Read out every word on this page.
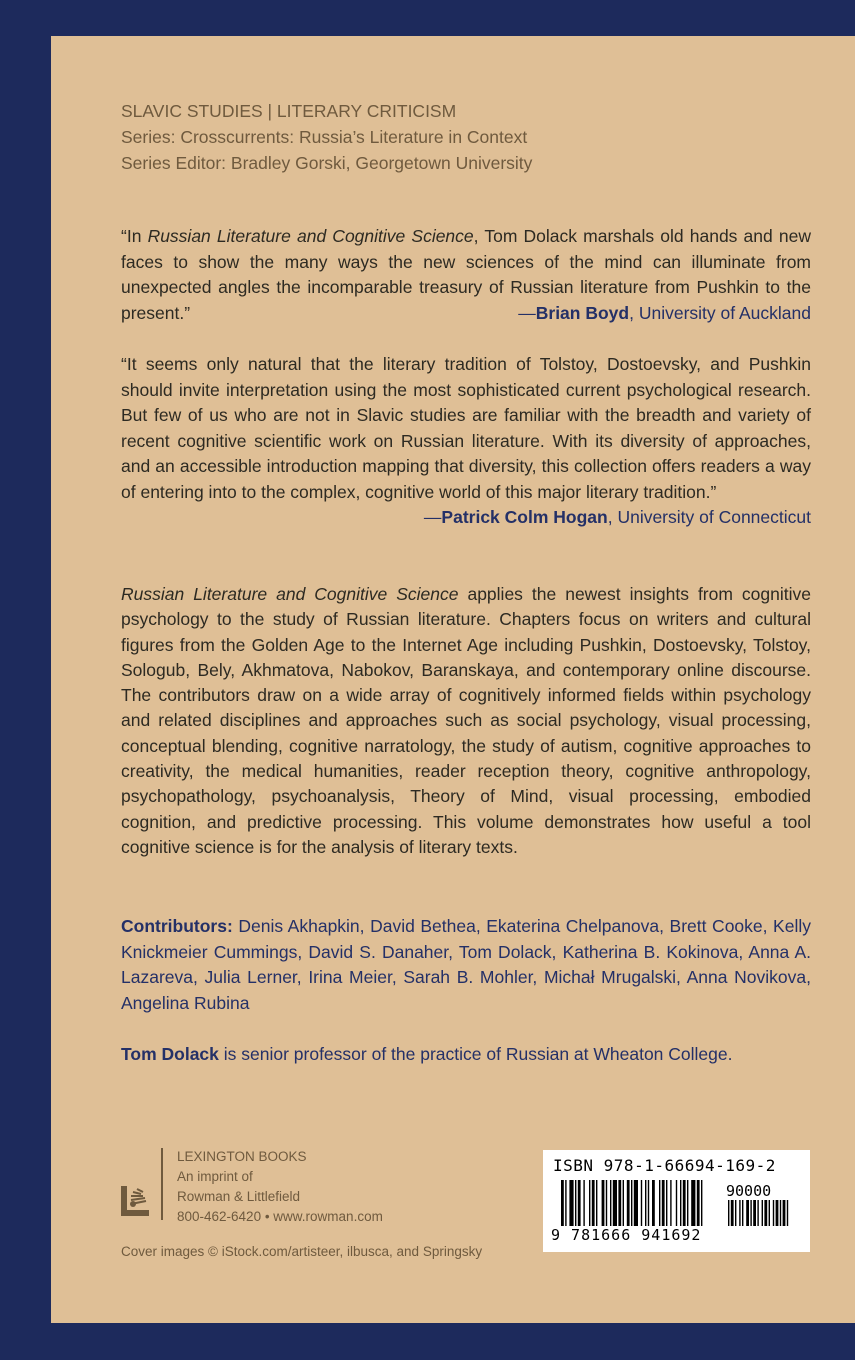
SLAVIC STUDIES | LITERARY CRITICISM
Series: Crosscurrents: Russia’s Literature in Context
Series Editor: Bradley Gorski, Georgetown University
“In Russian Literature and Cognitive Science, Tom Dolack marshals old hands and new faces to show the many ways the new sciences of the mind can illuminate from unexpected angles the incomparable treasury of Russian literature from Pushkin to the present.”	—Brian Boyd, University of Auckland
“It seems only natural that the literary tradition of Tolstoy, Dostoevsky, and Pushkin should invite interpretation using the most sophisticated current psychological research. But few of us who are not in Slavic studies are familiar with the breadth and variety of recent cognitive scientific work on Russian literature. With its diversity of approaches, and an accessible introduction mapping that diversity, this collection offers readers a way of entering into to the complex, cognitive world of this major literary tradition.”
—Patrick Colm Hogan, University of Connecticut
Russian Literature and Cognitive Science applies the newest insights from cognitive psychology to the study of Russian literature. Chapters focus on writers and cultural figures from the Golden Age to the Internet Age including Pushkin, Dostoevsky, Tolstoy, Sologub, Bely, Akhmatova, Nabokov, Baranskaya, and contemporary online discourse. The contributors draw on a wide array of cognitively informed fields within psychology and related disciplines and approaches such as social psychology, visual processing, conceptual blending, cognitive narratology, the study of autism, cognitive approaches to creativity, the medical humanities, reader reception theory, cognitive anthropology, psychopathology, psychoanalysis, Theory of Mind, visual processing, embodied cognition, and predictive processing. This volume demonstrates how useful a tool cognitive science is for the analysis of literary texts.
Contributors: Denis Akhapkin, David Bethea, Ekaterina Chelpanova, Brett Cooke, Kelly Knickmeier Cummings, David S. Danaher, Tom Dolack, Katherina B. Kokinova, Anna A. Lazareva, Julia Lerner, Irina Meier, Sarah B. Mohler, Michał Mrugalski, Anna Novikova, Angelina Rubina
Tom Dolack is senior professor of the practice of Russian at Wheaton College.
LEXINGTON BOOKS
An imprint of
Rowman & Littlefield
800-462-6420 • www.rowman.com
Cover images © iStock.com/artisteer, ilbusca, and Springsky
ISBN 978-1-66694-169-2
90000
9 781666 941692
